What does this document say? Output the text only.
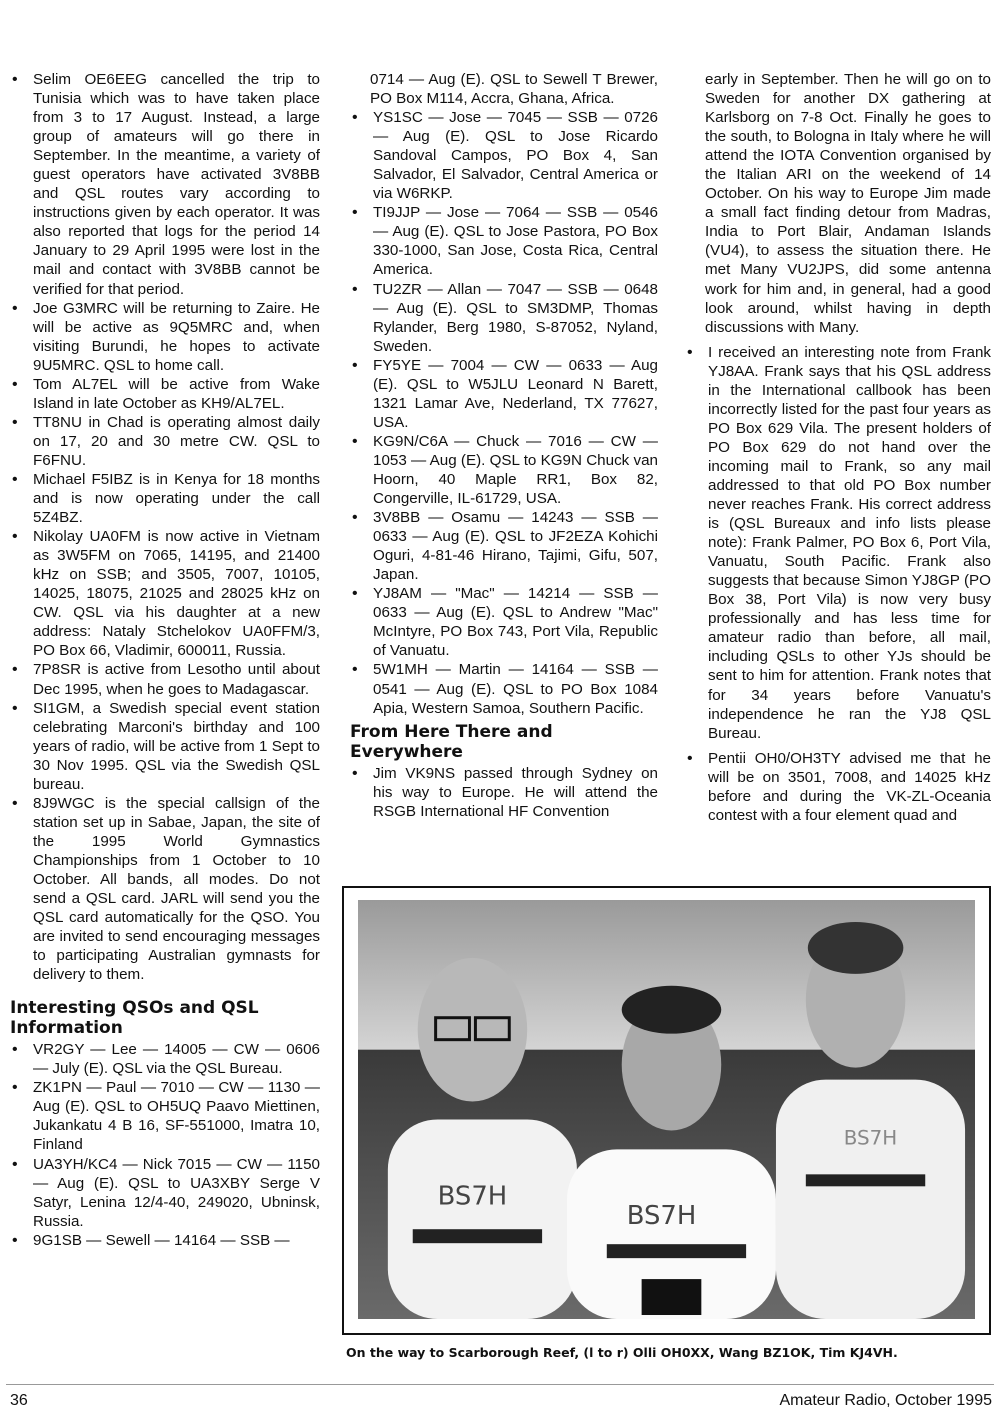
• Selim OE6EEG cancelled the trip to Tunisia which was to have taken place from 3 to 17 August. Instead, a large group of amateurs will go there in September. In the meantime, a variety of guest operators have activated 3V8BB and QSL routes vary according to instructions given by each operator. It was also reported that logs for the period 14 January to 29 April 1995 were lost in the mail and contact with 3V8BB cannot be verified for that period.
• Joe G3MRC will be returning to Zaire. He will be active as 9Q5MRC and, when visiting Burundi, he hopes to activate 9U5MRC. QSL to home call.
• Tom AL7EL will be active from Wake Island in late October as KH9/AL7EL.
• TT8NU in Chad is operating almost daily on 17, 20 and 30 metre CW. QSL to F6FNU.
• Michael F5IBZ is in Kenya for 18 months and is now operating under the call 5Z4BZ.
• Nikolay UA0FM is now active in Vietnam as 3W5FM on 7065, 14195, and 21400 kHz on SSB; and 3505, 7007, 10105, 14025, 18075, 21025 and 28025 kHz on CW. QSL via his daughter at a new address: Nataly Stchelokov UA0FFM/3, PO Box 66, Vladimir, 600011, Russia.
• 7P8SR is active from Lesotho until about Dec 1995, when he goes to Madagascar.
• SI1GM, a Swedish special event station celebrating Marconi's birthday and 100 years of radio, will be active from 1 Sept to 30 Nov 1995. QSL via the Swedish QSL bureau.
• 8J9WGC is the special callsign of the station set up in Sabae, Japan, the site of the 1995 World Gymnastics Championships from 1 October to 10 October. All bands, all modes. Do not send a QSL card. JARL will send you the QSL card automatically for the QSO. You are invited to send encouraging messages to participating Australian gymnasts for delivery to them.
Interesting QSOs and QSL Information
• VR2GY — Lee — 14005 — CW — 0606 — July (E). QSL via the QSL Bureau.
• ZK1PN — Paul — 7010 — CW — 1130 — Aug (E). QSL to OH5UQ Paavo Miettinen, Jukankatu 4 B 16, SF-551000, Imatra 10, Finland
• UA3YH/KC4 — Nick 7015 — CW — 1150 — Aug (E). QSL to UA3XBY Serge V Satyr, Lenina 12/4-40, 249020, Ubninsk, Russia.
• 9G1SB — Sewell — 14164 — SSB —
0714 — Aug (E). QSL to Sewell T Brewer, PO Box M114, Accra, Ghana, Africa.
• YS1SC — Jose — 7045 — SSB — 0726 — Aug (E). QSL to Jose Ricardo Sandoval Campos, PO Box 4, San Salvador, El Salvador, Central America or via W6RKP.
• TI9JJP — Jose — 7064 — SSB — 0546 — Aug (E). QSL to Jose Pastora, PO Box 330-1000, San Jose, Costa Rica, Central America.
• TU2ZR — Allan — 7047 — SSB — 0648 — Aug (E). QSL to SM3DMP, Thomas Rylander, Berg 1980, S-87052, Nyland, Sweden.
• FY5YE — 7004 — CW — 0633 — Aug (E). QSL to W5JLU Leonard N Barett, 1321 Lamar Ave, Nederland, TX 77627, USA.
• KG9N/C6A — Chuck — 7016 — CW — 1053 — Aug (E). QSL to KG9N Chuck van Hoorn, 40 Maple RR1, Box 82, Congerville, IL-61729, USA.
• 3V8BB — Osamu — 14243 — SSB — 0633 — Aug (E). QSL to JF2EZA Kohichi Oguri, 4-81-46 Hirano, Tajimi, Gifu, 507, Japan.
• YJ8AM — "Mac" — 14214 — SSB — 0633 — Aug (E). QSL to Andrew "Mac" McIntyre, PO Box 743, Port Vila, Republic of Vanuatu.
• 5W1MH — Martin — 14164 — SSB — 0541 — Aug (E). QSL to PO Box 1084 Apia, Western Samoa, Southern Pacific.
From Here There and Everywhere
• Jim VK9NS passed through Sydney on his way to Europe. He will attend the RSGB International HF Convention

early in September. Then he will go on to Sweden for another DX gathering at Karlsborg on 7-8 Oct. Finally he goes to the south, to Bologna in Italy where he will attend the IOTA Convention organised by the Italian ARI on the weekend of 14 October. On his way to Europe Jim made a small fact finding detour from Madras, India to Port Blair, Andaman Islands (VU4), to assess the situation there. He met Many VU2JPS, did some antenna work for him and, in general, had a good look around, whilst having in depth discussions with Many.

• I received an interesting note from Frank YJ8AA. Frank says that his QSL address in the International callbook has been incorrectly listed for the past four years as PO Box 629 Vila. The present holders of PO Box 629 do not hand over the incoming mail to Frank, so any mail addressed to that old PO Box number never reaches Frank. His correct address is (QSL Bureaux and info lists please note): Frank Palmer, PO Box 6, Port Vila, Vanuatu, South Pacific. Frank also suggests that because Simon YJ8GP (PO Box 38, Port Vila) is now very busy professionally and has less time for amateur radio than before, all mail, including QSLs to other YJs should be sent to him for attention. Frank notes that for 34 years before Vanuatu's independence he ran the YJ8 QSL Bureau.
• Pentii OH0/OH3TY advised me that he will be on 3501, 7008, and 14025 kHz before and during the VK-ZL-Oceania contest with a four element quad and
BS7H
BS7H
BS7H
On the way to Scarborough Reef, (l to r) Olli OH0XX, Wang BZ1OK, Tim KJ4VH.
36	Amateur Radio, October 1995
